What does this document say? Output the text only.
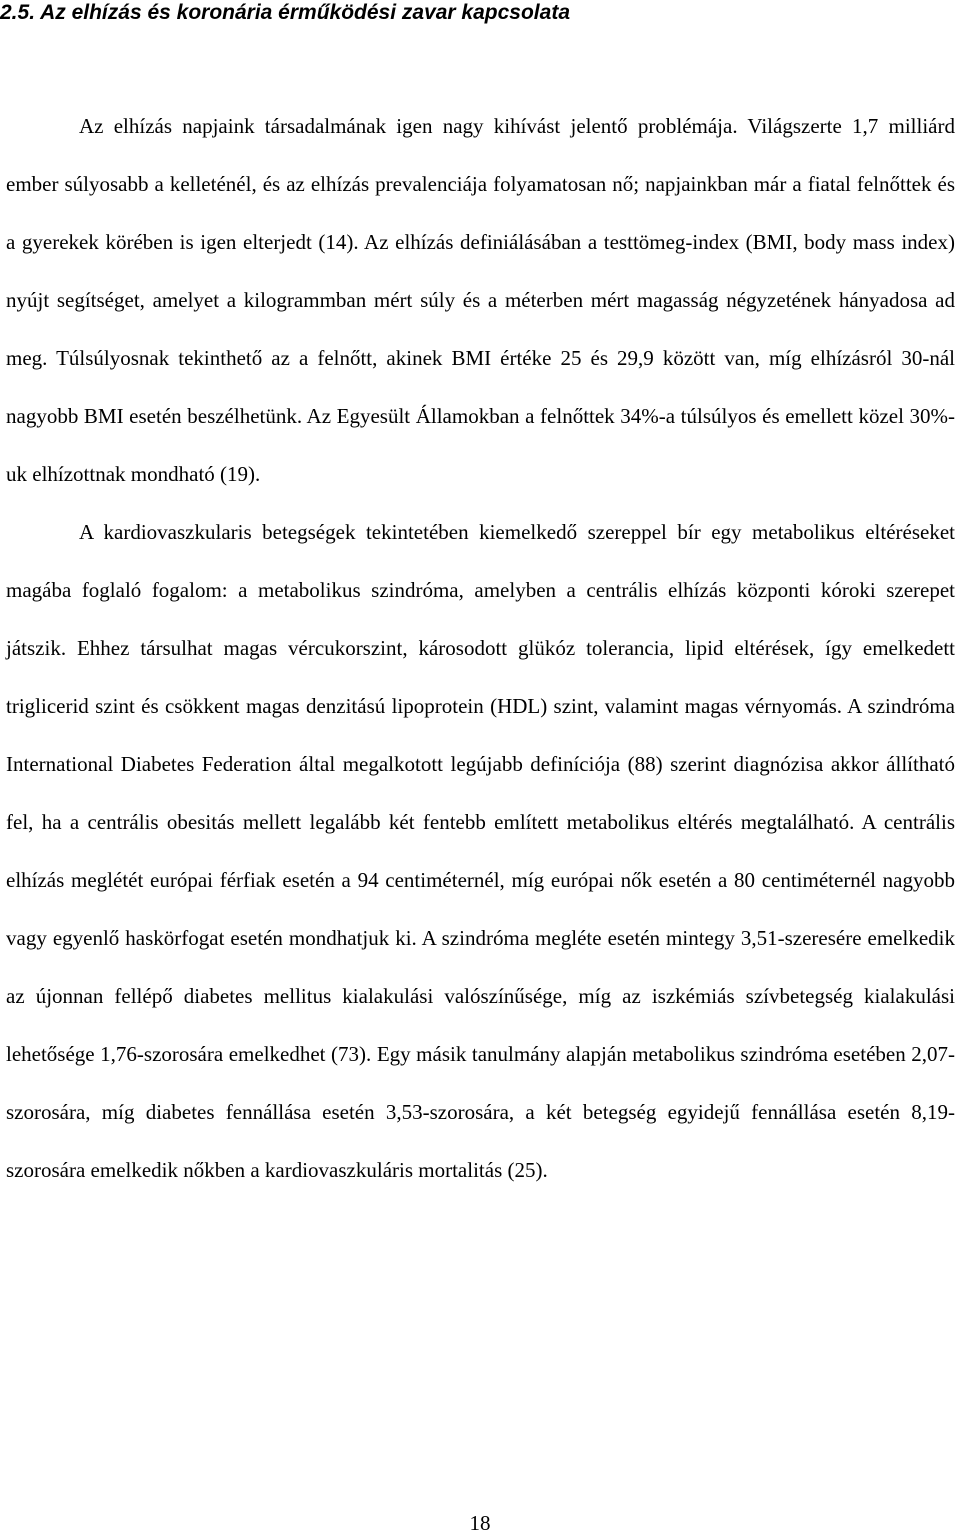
2.5. Az elhízás és koronária érműködési zavar kapcsolata

Az elhízás napjaink társadalmának igen nagy kihívást jelentő problémája. Világszerte 1,7 milliárd ember súlyosabb a kelleténél, és az elhízás prevalenciája folyamatosan nő; napjainkban már a fiatal felnőttek és a gyerekek körében is igen elterjedt (14). Az elhízás definiálásában a testtömeg-index (BMI, body mass index) nyújt segítséget, amelyet a kilogrammban mért súly és a méterben mért magasság négyzetének hányadosa ad meg. Túlsúlyosnak tekinthető az a felnőtt, akinek BMI értéke 25 és 29,9 között van, míg elhízásról 30-nál nagyobb BMI esetén beszélhetünk. Az Egyesült Államokban a felnőttek 34%-a túlsúlyos és emellett közel 30%-uk elhízottnak mondható (19).

A kardiovaszkularis betegségek tekintetében kiemelkedő szereppel bír egy metabolikus eltéréseket magába foglaló fogalom: a metabolikus szindróma, amelyben a centrális elhízás központi kóroki szerepet játszik. Ehhez társulhat magas vércukorszint, károsodott glükóz tolerancia, lipid eltérések, így emelkedett triglicerid szint és csökkent magas denzitású lipoprotein (HDL) szint, valamint magas vérnyomás. A szindróma International Diabetes Federation által megalkotott legújabb definíciója (88) szerint diagnózisa akkor állítható fel, ha a centrális obesitás mellett legalább két fentebb említett metabolikus eltérés megtalálható. A centrális elhízás meglétét európai férfiak esetén a 94 centiméternél, míg európai nők esetén a 80 centiméternél nagyobb vagy egyenlő haskörfogat esetén mondhatjuk ki. A szindróma megléte esetén mintegy 3,51-szeresére emelkedik az újonnan fellépő diabetes mellitus kialakulási valószínűsége, míg az iszkémiás szívbetegség kialakulási lehetősége 1,76-szorosára emelkedhet (73). Egy másik tanulmány alapján metabolikus szindróma esetében 2,07-szorosára, míg diabetes fennállása esetén 3,53-szorosára, a két betegség egyidejű fennállása esetén 8,19-szorosára emelkedik nőkben a kardiovaszkuláris mortalitás (25).

18
